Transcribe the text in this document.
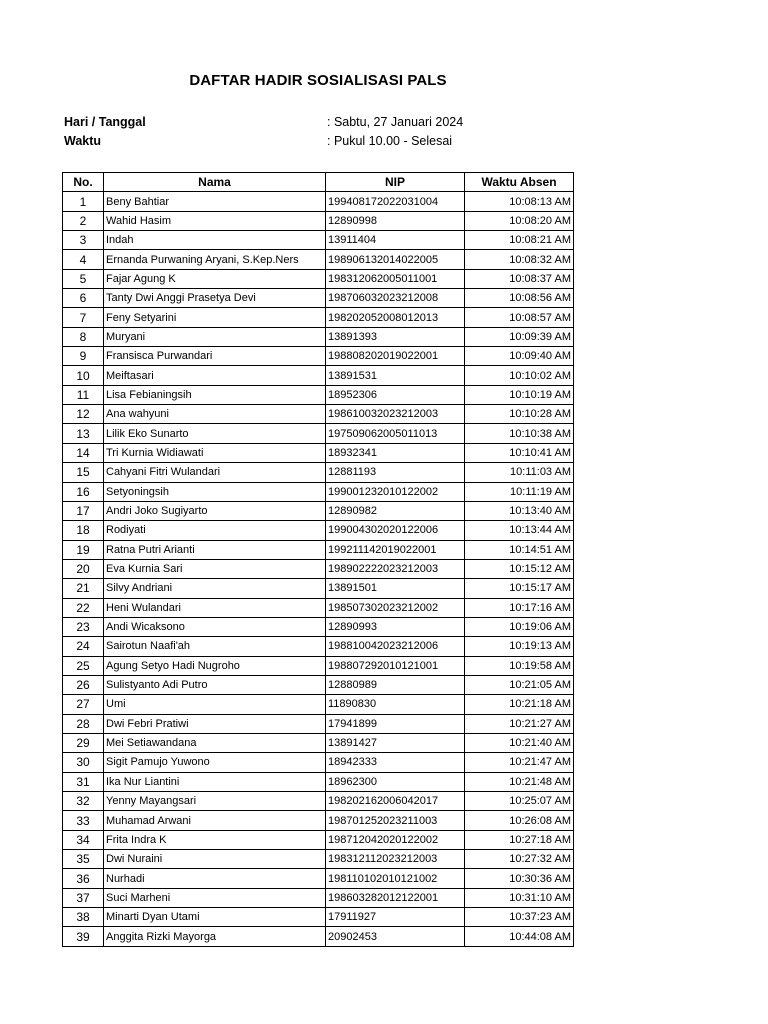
DAFTAR HADIR SOSIALISASI PALS
Hari / Tanggal	: Sabtu, 27 Januari 2024
Waktu	: Pukul 10.00 - Selesai
No.	Nama	NIP	Waktu Absen
1	Beny Bahtiar	199408172022031004	10:08:13 AM
2	Wahid Hasim	12890998	10:08:20 AM
3	Indah	13911404	10:08:21 AM
4	Ernanda Purwaning Aryani, S.Kep.Ners	198906132014022005	10:08:32 AM
5	Fajar Agung K	198312062005011001	10:08:37 AM
6	Tanty Dwi Anggi Prasetya Devi	198706032023212008	10:08:56 AM
7	Feny Setyarini	198202052008012013	10:08:57 AM
8	Muryani	13891393	10:09:39 AM
9	Fransisca Purwandari	198808202019022001	10:09:40 AM
10	Meiftasari	13891531	10:10:02 AM
11	Lisa Febianingsih	18952306	10:10:19 AM
12	Ana wahyuni	198610032023212003	10:10:28 AM
13	Lilik Eko Sunarto	197509062005011013	10:10:38 AM
14	Tri Kurnia Widiawati	18932341	10:10:41 AM
15	Cahyani Fitri Wulandari	12881193	10:11:03 AM
16	Setyoningsih	199001232010122002	10:11:19 AM
17	Andri Joko Sugiyarto	12890982	10:13:40 AM
18	Rodiyati	199004302020122006	10:13:44 AM
19	Ratna Putri Arianti	199211142019022001	10:14:51 AM
20	Eva Kurnia Sari	198902222023212003	10:15:12 AM
21	Silvy Andriani	13891501	10:15:17 AM
22	Heni Wulandari	198507302023212002	10:17:16 AM
23	Andi Wicaksono	12890993	10:19:06 AM
24	Sairotun Naafi'ah	198810042023212006	10:19:13 AM
25	Agung Setyo Hadi Nugroho	198807292010121001	10:19:58 AM
26	Sulistyanto Adi Putro	12880989	10:21:05 AM
27	Umi	11890830	10:21:18 AM
28	Dwi Febri Pratiwi	17941899	10:21:27 AM
29	Mei Setiawandana	13891427	10:21:40 AM
30	Sigit Pamujo Yuwono	18942333	10:21:47 AM
31	Ika Nur Liantini	18962300	10:21:48 AM
32	Yenny Mayangsari	198202162006042017	10:25:07 AM
33	Muhamad Arwani	198701252023211003	10:26:08 AM
34	Frita Indra K	198712042020122002	10:27:18 AM
35	Dwi Nuraini	198312112023212003	10:27:32 AM
36	Nurhadi	198110102010121002	10:30:36 AM
37	Suci Marheni	198603282012122001	10:31:10 AM
38	Minarti Dyan Utami	17911927	10:37:23 AM
39	Anggita Rizki Mayorga	20902453	10:44:08 AM
